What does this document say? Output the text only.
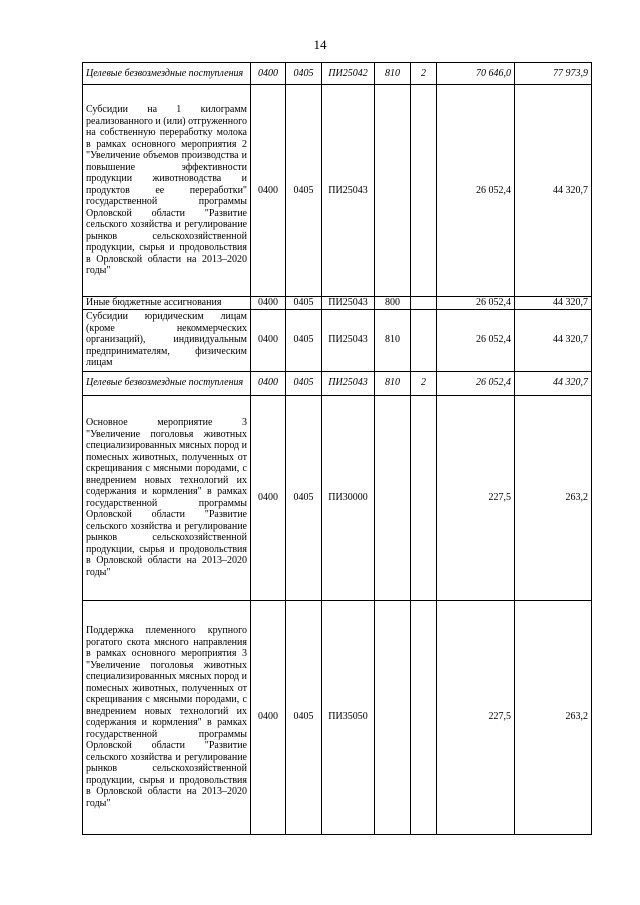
14
Целевые безвозмездные поступления	0400	0405	ПИ25042	810	2	70 646,0	77 973,9
Субсидии на 1 килограмм реализованного и (или) отгруженного на собственную переработку молока в рамках основного мероприятия 2 "Увеличение объемов производства и повышение эффективности продукции животноводства и продуктов ее переработки" государственной программы Орловской области "Развитие сельского хозяйства и регулирование рынков сельскохозяйственной продукции, сырья и продовольствия в Орловской области на 2013–2020 годы"	0400	0405	ПИ25043			26 052,4	44 320,7
Иные бюджетные ассигнования	0400	0405	ПИ25043	800		26 052,4	44 320,7
Субсидии юридическим лицам (кроме некоммерческих организаций), индивидуальным предпринимателям, физическим лицам	0400	0405	ПИ25043	810		26 052,4	44 320,7
Целевые безвозмездные поступления	0400	0405	ПИ25043	810	2	26 052,4	44 320,7
Основное мероприятие 3 "Увеличение поголовья животных специализированных мясных пород и помесных животных, полученных от скрещивания с мясными породами, с внедрением новых технологий их содержания и кормления" в рамках государственной программы Орловской области "Развитие сельского хозяйства и регулирование рынков сельскохозяйственной продукции, сырья и продовольствия в Орловской области на 2013–2020 годы"	0400	0405	ПИ30000			227,5	263,2
Поддержка племенного крупного рогатого скота мясного направления в рамках основного мероприятия 3 "Увеличение поголовья животных специализированных мясных пород и помесных животных, полученных от скрещивания с мясными породами, с внедрением новых технологий их содержания и кормления" в рамках государственной программы Орловской области "Развитие сельского хозяйства и регулирование рынков сельскохозяйственной продукции, сырья и продовольствия в Орловской области на 2013–2020 годы"	0400	0405	ПИ35050			227,5	263,2
